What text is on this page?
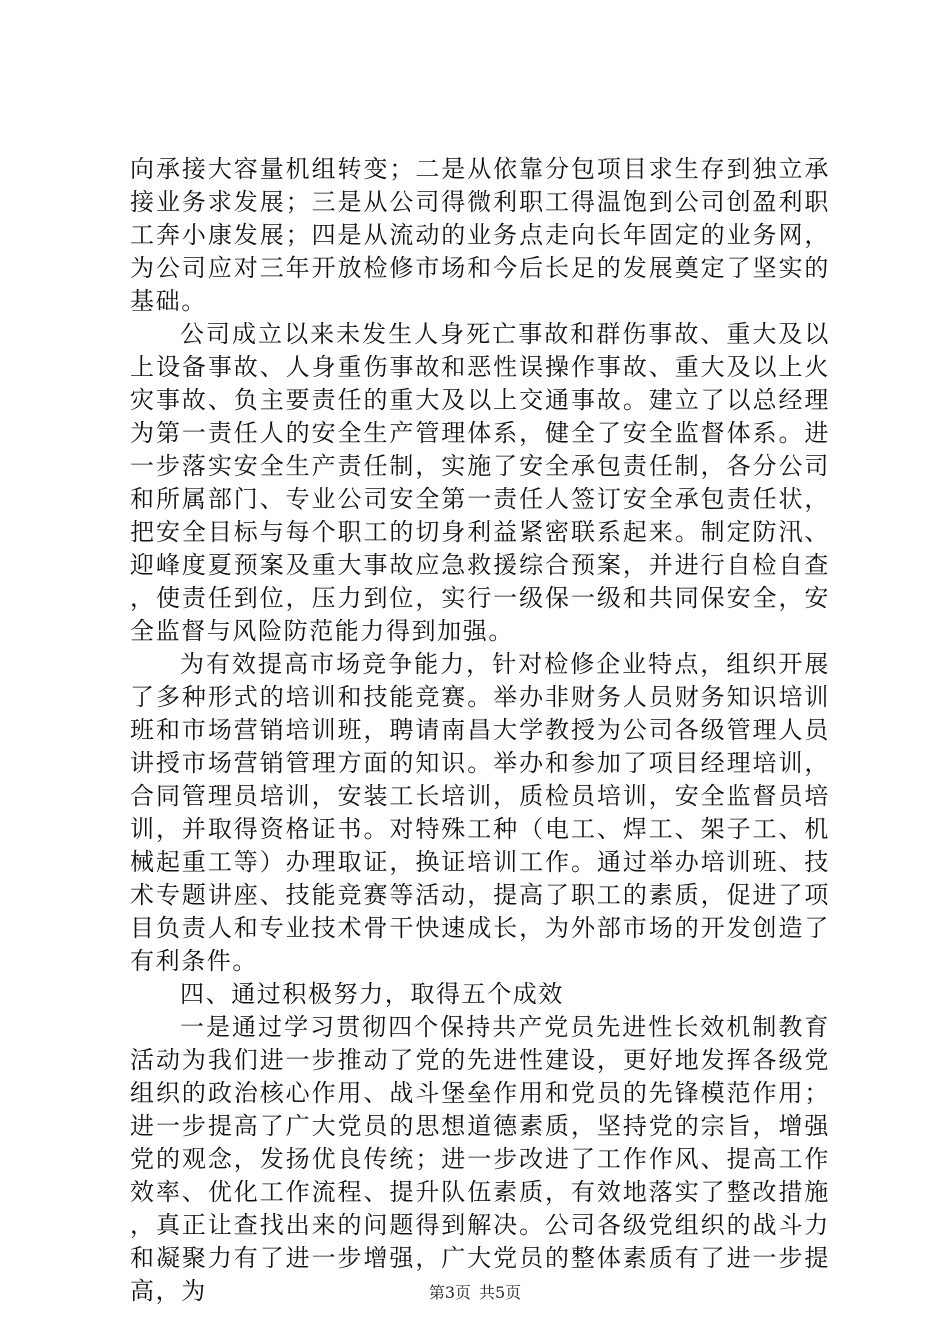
向承接大容量机组转变；二是从依靠分包项目求生存到独立承接业务求发展；三是从公司得微利职工得温饱到公司创盈利职工奔小康发展；四是从流动的业务点走向长年固定的业务网，为公司应对三年开放检修市场和今后长足的发展奠定了坚实的基础。

公司成立以来未发生人身死亡事故和群伤事故、重大及以上设备事故、人身重伤事故和恶性误操作事故、重大及以上火灾事故、负主要责任的重大及以上交通事故。建立了以总经理为第一责任人的安全生产管理体系，健全了安全监督体系。进一步落实安全生产责任制，实施了安全承包责任制，各分公司和所属部门、专业公司安全第一责任人签订安全承包责任状，把安全目标与每个职工的切身利益紧密联系起来。制定防汛、迎峰度夏预案及重大事故应急救援综合预案，并进行自检自查，使责任到位，压力到位，实行一级保一级和共同保安全，安全监督与风险防范能力得到加强。

为有效提高市场竞争能力，针对检修企业特点，组织开展了多种形式的培训和技能竞赛。举办非财务人员财务知识培训班和市场营销培训班，聘请南昌大学教授为公司各级管理人员讲授市场营销管理方面的知识。举办和参加了项目经理培训，合同管理员培训，安装工长培训，质检员培训，安全监督员培训，并取得资格证书。对特殊工种（电工、焊工、架子工、机械起重工等）办理取证，换证培训工作。通过举办培训班、技术专题讲座、技能竞赛等活动，提高了职工的素质，促进了项目负责人和专业技术骨干快速成长，为外部市场的开发创造了有利条件。

四、通过积极努力，取得五个成效

一是通过学习贯彻四个保持共产党员先进性长效机制教育活动为我们进一步推动了党的先进性建设，更好地发挥各级党组织的政治核心作用、战斗堡垒作用和党员的先锋模范作用；进一步提高了广大党员的思想道德素质，坚持党的宗旨，增强党的观念，发扬优良传统；进一步改进了工作作风、提高工作效率、优化工作流程、提升队伍素质，有效地落实了整改措施，真正让查找出来的问题得到解决。公司各级党组织的战斗力和凝聚力有了进一步增强，广大党员的整体素质有了进一步提高，为	第3页 共5页
